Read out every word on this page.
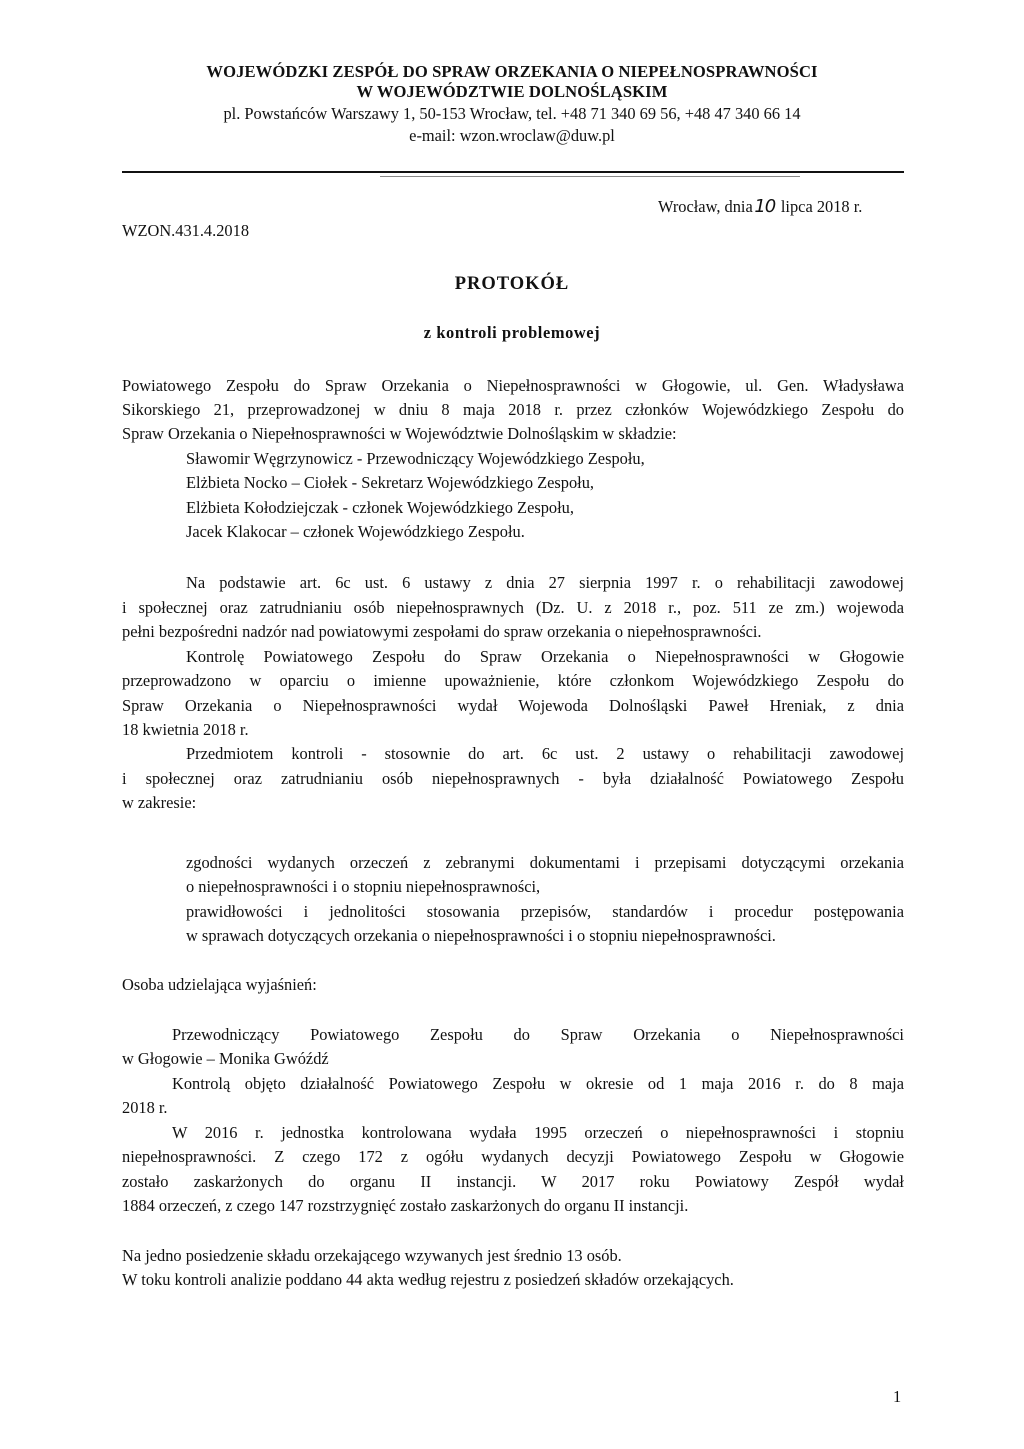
WOJEWÓDZKI ZESPÓŁ DO SPRAW ORZEKANIA O NIEPEŁNOSPRAWNOŚCI
W WOJEWÓDZTWIE DOLNOŚLĄSKIM
pl. Powstańców Warszawy 1, 50-153 Wrocław, tel. +48 71 340 69 56, +48 47 340 66 14
e-mail: wzon.wroclaw@duw.pl
WZON.431.4.2018
Wrocław, dnia10 lipca 2018 r.
PROTOKÓŁ
z kontroli problemowej
Powiatowego Zespołu do Spraw Orzekania o Niepełnosprawności w Głogowie, ul. Gen. Władysława
Sikorskiego 21, przeprowadzonej w dniu 8 maja 2018 r. przez członków Wojewódzkiego Zespołu do
Spraw Orzekania o Niepełnosprawności w Województwie Dolnośląskim w składzie:
Sławomir Węgrzynowicz - Przewodniczący Wojewódzkiego Zespołu,
Elżbieta Nocko – Ciołek - Sekretarz Wojewódzkiego Zespołu,
Elżbieta Kołodziejczak - członek Wojewódzkiego Zespołu,
Jacek Klakocar – członek Wojewódzkiego Zespołu.
Na podstawie art. 6c ust. 6 ustawy z dnia 27 sierpnia 1997 r. o rehabilitacji zawodowej
i społecznej oraz zatrudnianiu osób niepełnosprawnych (Dz. U. z 2018 r., poz. 511 ze zm.) wojewoda
pełni bezpośredni nadzór nad powiatowymi zespołami do spraw orzekania o niepełnosprawności.
Kontrolę Powiatowego Zespołu do Spraw Orzekania o Niepełnosprawności w Głogowie
przeprowadzono w oparciu o imienne upoważnienie, które członkom Wojewódzkiego Zespołu do
Spraw Orzekania o Niepełnosprawności wydał Wojewoda Dolnośląski Paweł Hreniak, z dnia
18 kwietnia 2018 r.
Przedmiotem kontroli - stosownie do art. 6c ust. 2 ustawy o rehabilitacji zawodowej
i społecznej oraz zatrudnianiu osób niepełnosprawnych - była działalność Powiatowego Zespołu
w zakresie:
zgodności wydanych orzeczeń z zebranymi dokumentami i przepisami dotyczącymi orzekania
o niepełnosprawności i o stopniu niepełnosprawności,
prawidłowości i jednolitości stosowania przepisów, standardów i procedur postępowania
w sprawach dotyczących orzekania o niepełnosprawności i o stopniu niepełnosprawności.
Osoba udzielająca wyjaśnień:
Przewodniczący Powiatowego Zespołu do Spraw Orzekania o Niepełnosprawności
w Głogowie – Monika Gwóźdź
Kontrolą objęto działalność Powiatowego Zespołu w okresie od 1 maja 2016 r. do 8 maja
2018 r.
W 2016 r. jednostka kontrolowana wydała 1995 orzeczeń o niepełnosprawności i stopniu
niepełnosprawności. Z czego 172 z ogółu wydanych decyzji Powiatowego Zespołu w Głogowie
zostało zaskarżonych do organu II instancji. W 2017 roku Powiatowy Zespół wydał
1884 orzeczeń, z czego 147 rozstrzygnięć zostało zaskarżonych do organu II instancji.
Na jedno posiedzenie składu orzekającego wzywanych jest średnio 13 osób.
W toku kontroli analizie poddano 44 akta według rejestru z posiedzeń składów orzekających.
1
